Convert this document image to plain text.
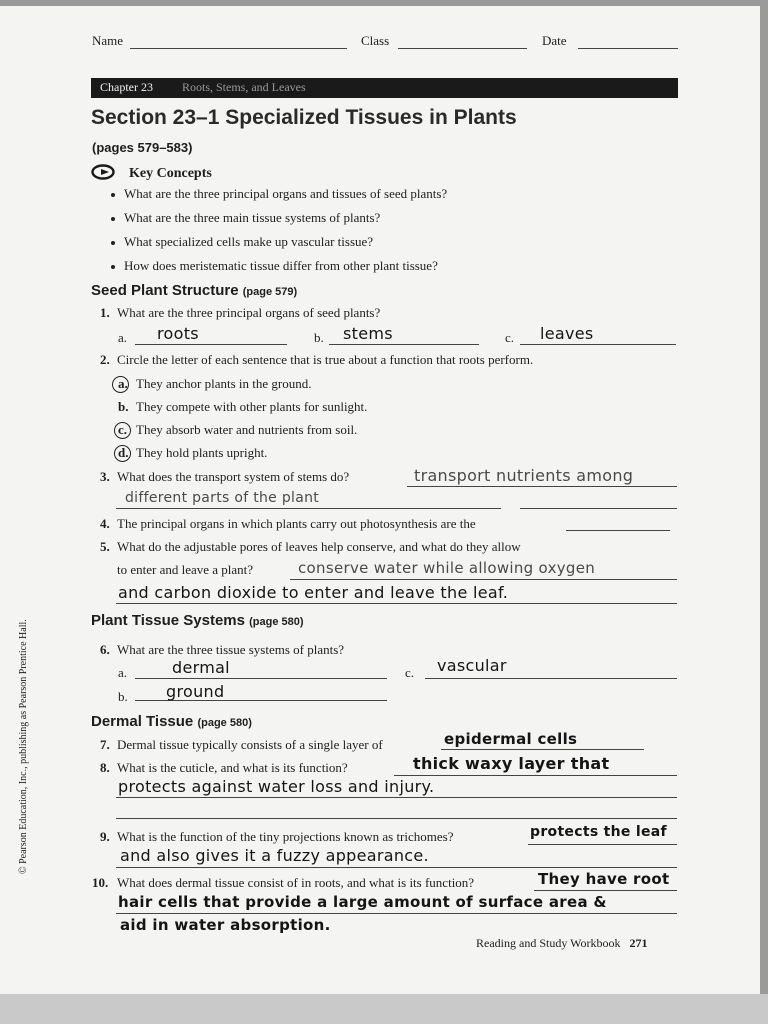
Name	Class	Date
Chapter 23 Roots, Stems, and Leaves
Section 23–1 Specialized Tissues in Plants
(pages 579–583)
Key Concepts
What are the three principal organs and tissues of seed plants?
What are the three main tissue systems of plants?
What specialized cells make up vascular tissue?
How does meristematic tissue differ from other plant tissue?
Seed Plant Structure (page 579)
1. What are the three principal organs of seed plants?
a. roots	b. stems	c. leaves
2. Circle the letter of each sentence that is true about a function that roots perform.
a. They anchor plants in the ground.
b. They compete with other plants for sunlight.
c. They absorb water and nutrients from soil.
d. They hold plants upright.
3. What does the transport system of stems do?	transport nutrients among
different parts of the plant
4. The principal organs in which plants carry out photosynthesis are the
5. What do the adjustable pores of leaves help conserve, and what do they allow
to enter and leave a plant?	conserve water while allowing oxygen
and carbon dioxide to enter and leave the leaf.
Plant Tissue Systems (page 580)
6. What are the three tissue systems of plants?
a.	dermal	c. vascular
b. ground
Dermal Tissue (page 580)
7. Dermal tissue typically consists of a single layer of	epidermal cells
8. What is the cuticle, and what is its function?	thick waxy layer that
protects against water loss and injury.
9. What is the function of the tiny projections known as trichomes?	protects the leaf
and also gives it a fuzzy appearance.
10. What does dermal tissue consist of in roots, and what is its function?	They have root
hair cells that provide a large amount of surface area &
aid in water absorption.
Reading and Study Workbook 271
© Pearson Education, Inc., publishing as Pearson Prentice Hall.
